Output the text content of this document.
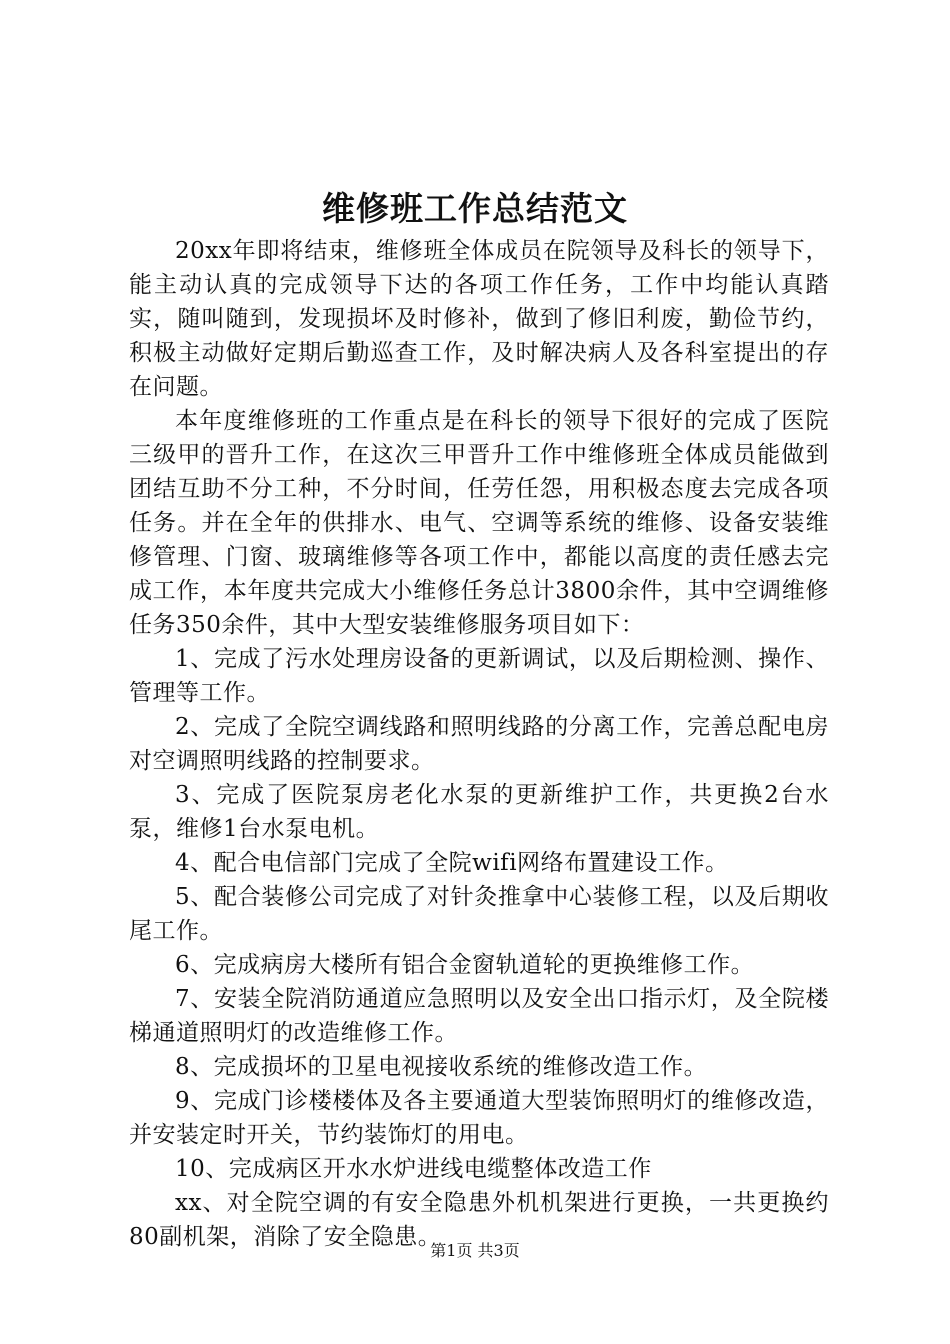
维修班工作总结范文

20xx年即将结束，维修班全体成员在院领导及科长的领导下，能主动认真的完成领导下达的各项工作任务，工作中均能认真踏实，随叫随到，发现损坏及时修补，做到了修旧利废，勤俭节约，积极主动做好定期后勤巡查工作，及时解决病人及各科室提出的存在问题。

本年度维修班的工作重点是在科长的领导下很好的完成了医院三级甲的晋升工作，在这次三甲晋升工作中维修班全体成员能做到团结互助不分工种，不分时间，任劳任怨，用积极态度去完成各项任务。并在全年的供排水、电气、空调等系统的维修、设备安装维修管理、门窗、玻璃维修等各项工作中，都能以高度的责任感去完成工作，本年度共完成大小维修任务总计3800余件，其中空调维修任务350余件，其中大型安装维修服务项目如下：

1、完成了污水处理房设备的更新调试，以及后期检测、操作、管理等工作。

2、完成了全院空调线路和照明线路的分离工作，完善总配电房对空调照明线路的控制要求。

3、完成了医院泵房老化水泵的更新维护工作，共更换2台水泵，维修1台水泵电机。

4、配合电信部门完成了全院wifi网络布置建设工作。

5、配合装修公司完成了对针灸推拿中心装修工程，以及后期收尾工作。

6、完成病房大楼所有铝合金窗轨道轮的更换维修工作。

7、安装全院消防通道应急照明以及安全出口指示灯，及全院楼梯通道照明灯的改造维修工作。

8、完成损坏的卫星电视接收系统的维修改造工作。

9、完成门诊楼楼体及各主要通道大型装饰照明灯的维修改造，并安装定时开关，节约装饰灯的用电。

10、完成病区开水水炉进线电缆整体改造工作

xx、对全院空调的有安全隐患外机机架进行更换，一共更换约80副机架，消除了安全隐患。

第1页 共3页
